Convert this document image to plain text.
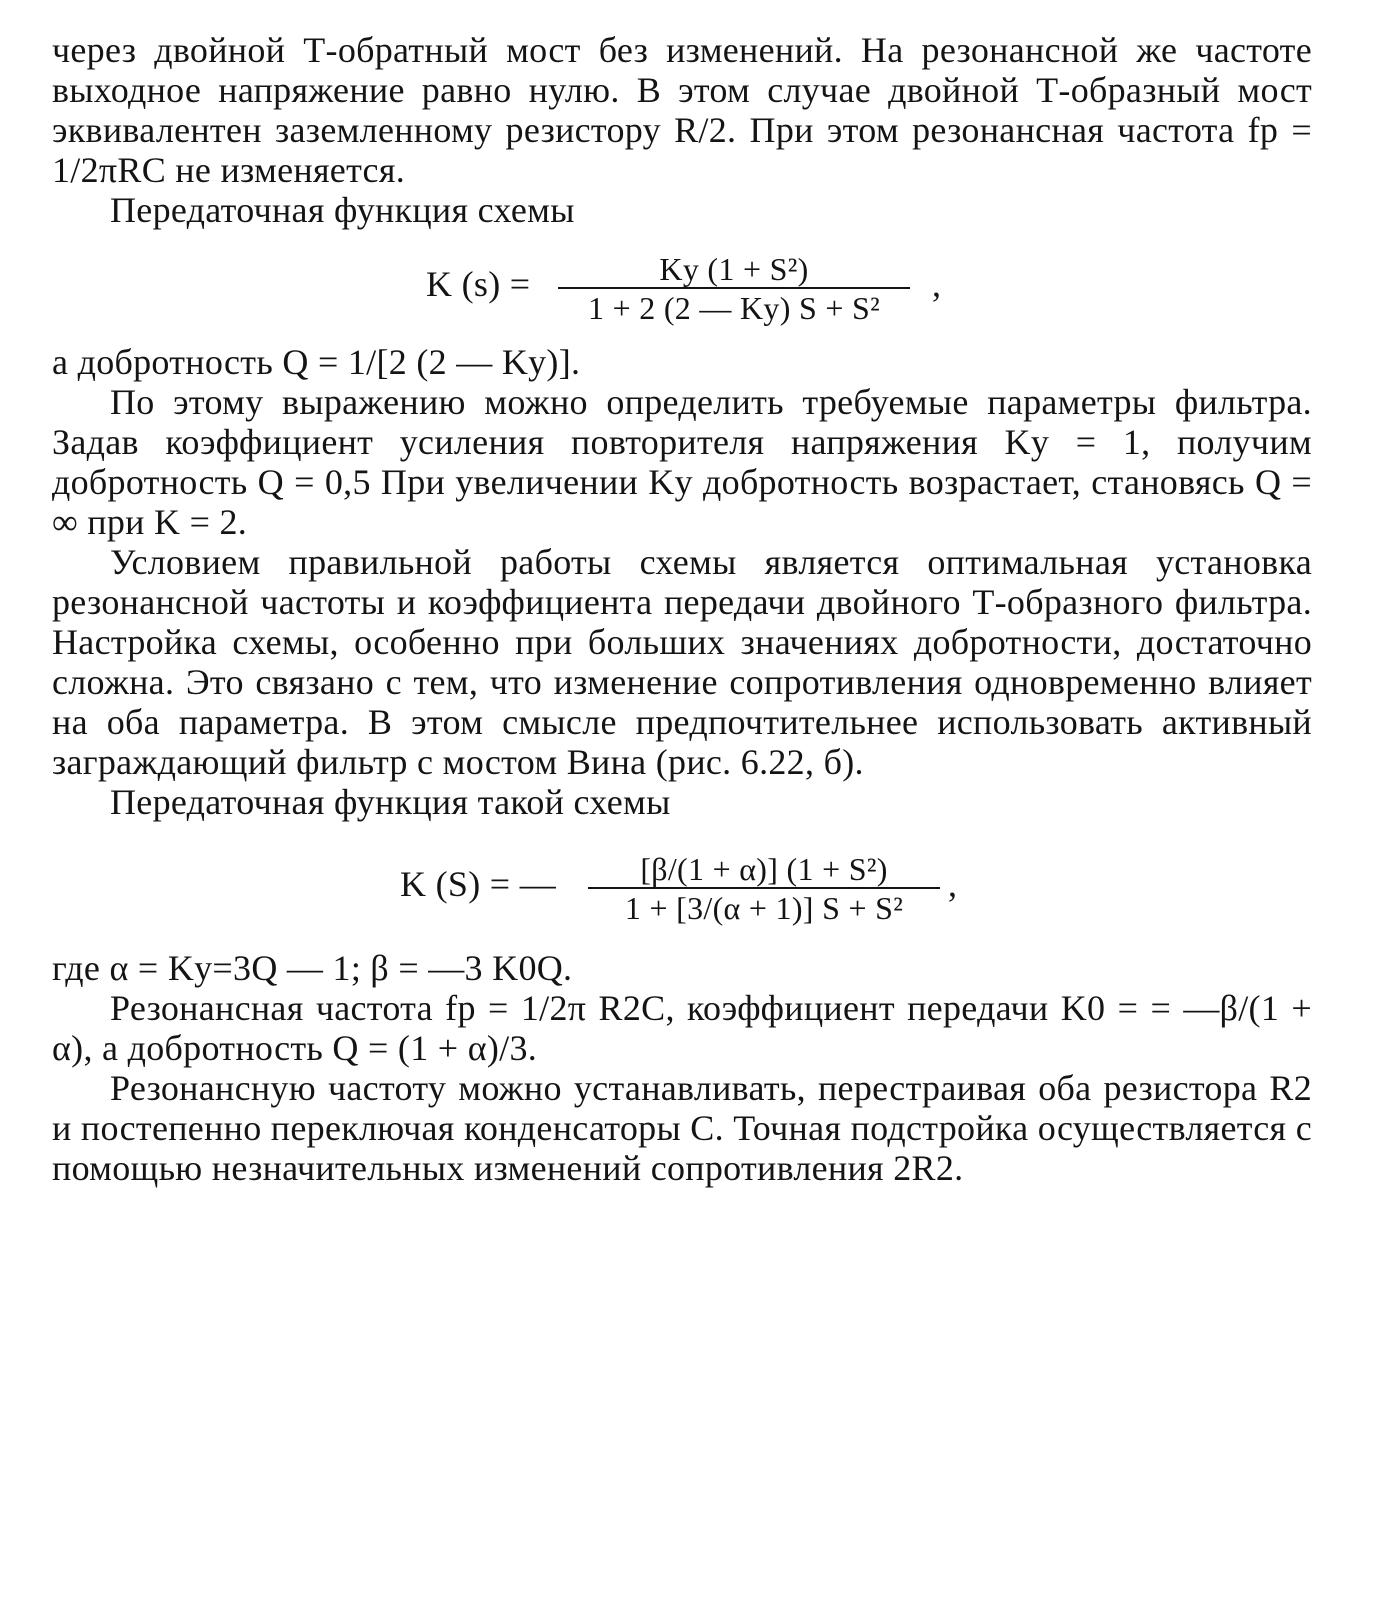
через двойной Т-обратный мост без изменений. На резонансной же частоте выходное напряжение равно нулю. В этом случае двойной Т-образный мост эквивалентен заземленному резистору R/2. При этом резонансная частота fр = 1/2πRC не изменяется.

Передаточная функция схемы

K (s) =	Kу (1 + S²)
1 + 2 (2 — Kу) S + S²
,

а добротность Q = 1/[2 (2 — Kу)].

По этому выражению можно определить требуемые параметры фильтра. Задав коэффициент усиления повторителя напряжения Kу = 1, получим добротность Q = 0,5 При увеличении Kу добротность возрастает, становясь Q = ∞ при K = 2.

Условием правильной работы схемы является оптимальная установка резонансной частоты и коэффициента передачи двойного Т-образного фильтра. Настройка схемы, особенно при больших значениях добротности, достаточно сложна. Это связано с тем, что изменение сопротивления одновременно влияет на оба параметра. В этом смысле предпочтительнее использовать активный заграждающий фильтр с мостом Вина (рис. 6.22, б).

Передаточная функция такой схемы

K (S) = —	[β/(1 + α)] (1 + S²)
1 + [3/(α + 1)] S + S²
,

где α = Kу=3Q — 1; β = —3 K0Q.

Резонансная частота fр = 1/2π R2C, коэффициент передачи K0 = = —β/(1 + α), а добротность Q = (1 + α)/3.

Резонансную частоту можно устанавливать, перестраивая оба резистора R2 и постепенно переключая конденсаторы C. Точная подстройка осуществляется с помощью незначительных изменений сопротивления 2R2.
